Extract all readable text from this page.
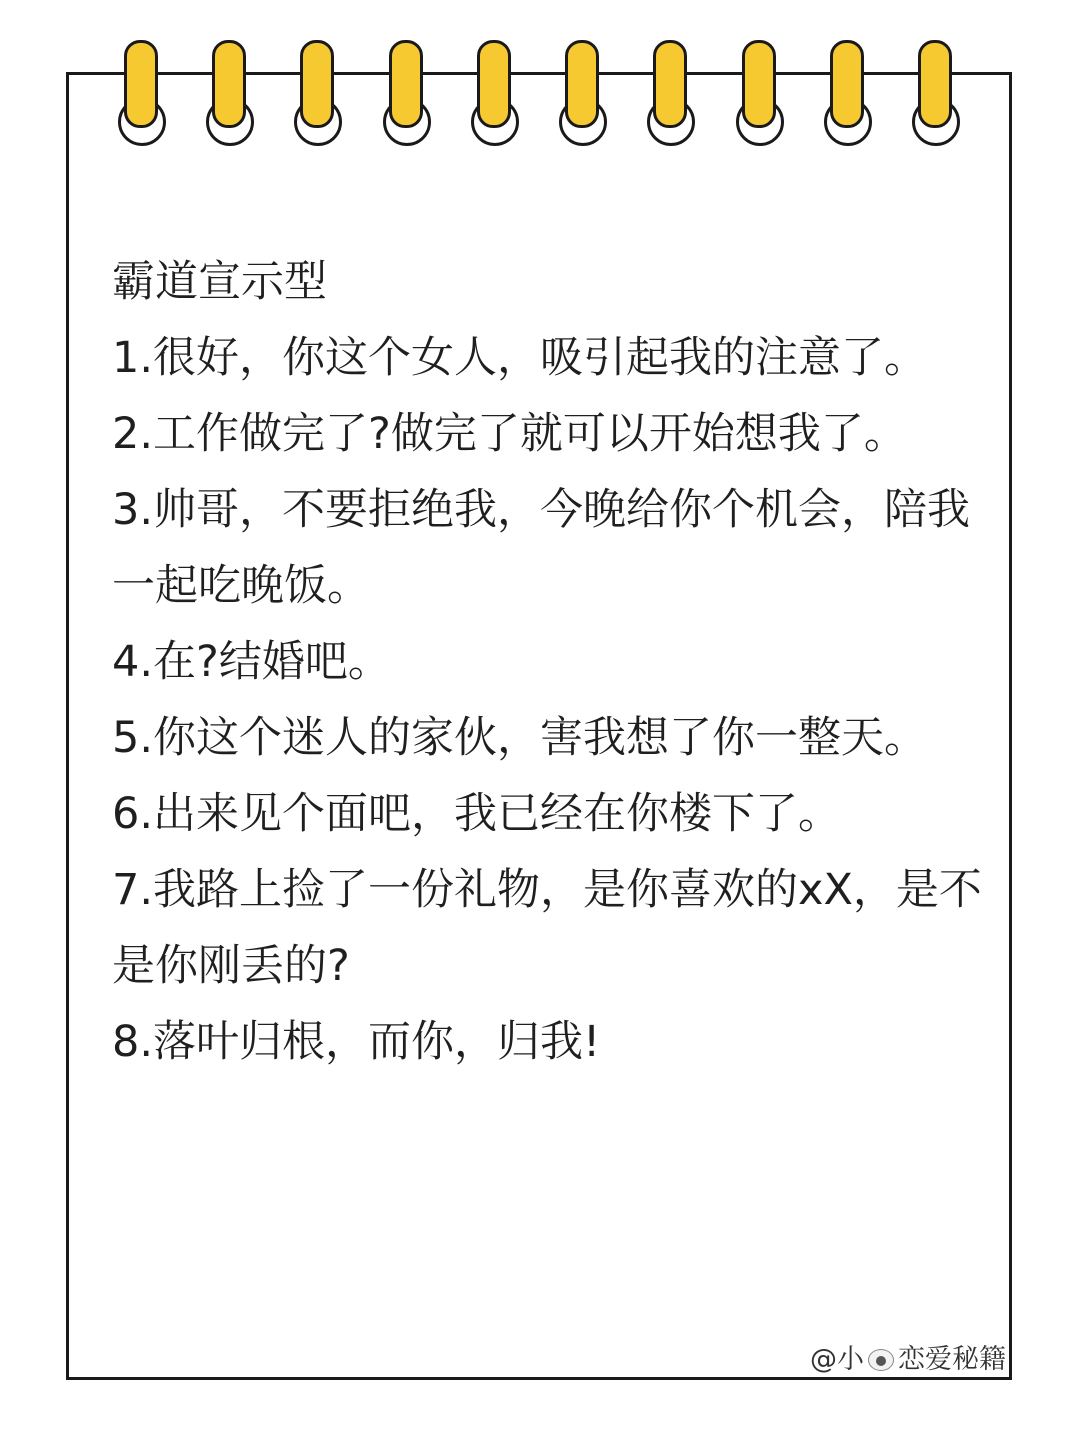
霸道宣示型
1.很好，你这个女人，吸引起我的注意了。
2.工作做完了?做完了就可以开始想我了。
3.帅哥，不要拒绝我，今晚给你个机会，陪我一起吃晚饭。
4.在?结婚吧。
5.你这个迷人的家伙，害我想了你一整天。
6.出来见个面吧，我已经在你楼下了。
7.我路上捡了一份礼物，是你喜欢的xX，是不是你刚丢的?
8.落叶归根，而你，归我!
@小 恋爱秘籍
